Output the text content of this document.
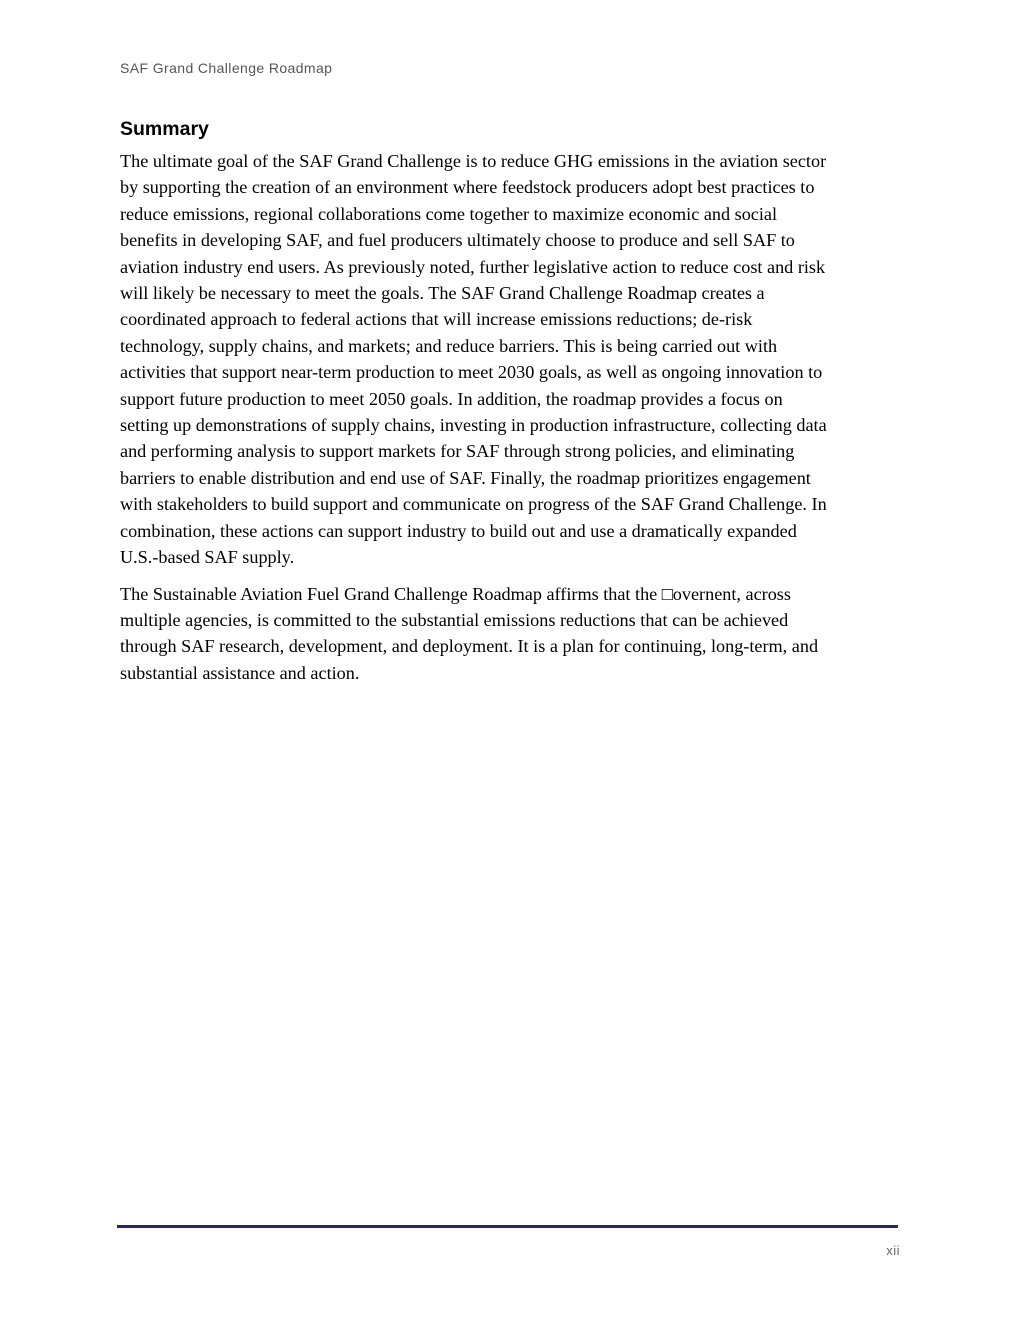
SAF Grand Challenge Roadmap
Summary

The ultimate goal of the SAF Grand Challenge is to reduce GHG emissions in the aviation sector
by supporting the creation of an environment where feedstock producers adopt best practices to
reduce emissions, regional collaborations come together to maximize economic and social
benefits in developing SAF, and fuel producers ultimately choose to produce and sell SAF to
aviation industry end users. As previously noted, further legislative action to reduce cost and risk
will likely be necessary to meet the goals. The SAF Grand Challenge Roadmap creates a
coordinated approach to federal actions that will increase emissions reductions; de-risk
technology, supply chains, and markets; and reduce barriers. This is being carried out with
activities that support near-term production to meet 2030 goals, as well as ongoing innovation to
support future production to meet 2050 goals. In addition, the roadmap provides a focus on
setting up demonstrations of supply chains, investing in production infrastructure, collecting data
and performing analysis to support markets for SAF through strong policies, and eliminating
barriers to enable distribution and end use of SAF. Finally, the roadmap prioritizes engagement
with stakeholders to build support and communicate on progress of the SAF Grand Challenge. In
combination, these actions can support industry to build out and use a dramatically expanded
U.S.-based SAF supply.

The Sustainable Aviation Fuel Grand Challenge Roadmap affirms that the □overnent, across
multiple agencies, is committed to the substantial emissions reductions that can be achieved
through SAF research, development, and deployment. It is a plan for continuing, long-term, and
substantial assistance and action.

xii
